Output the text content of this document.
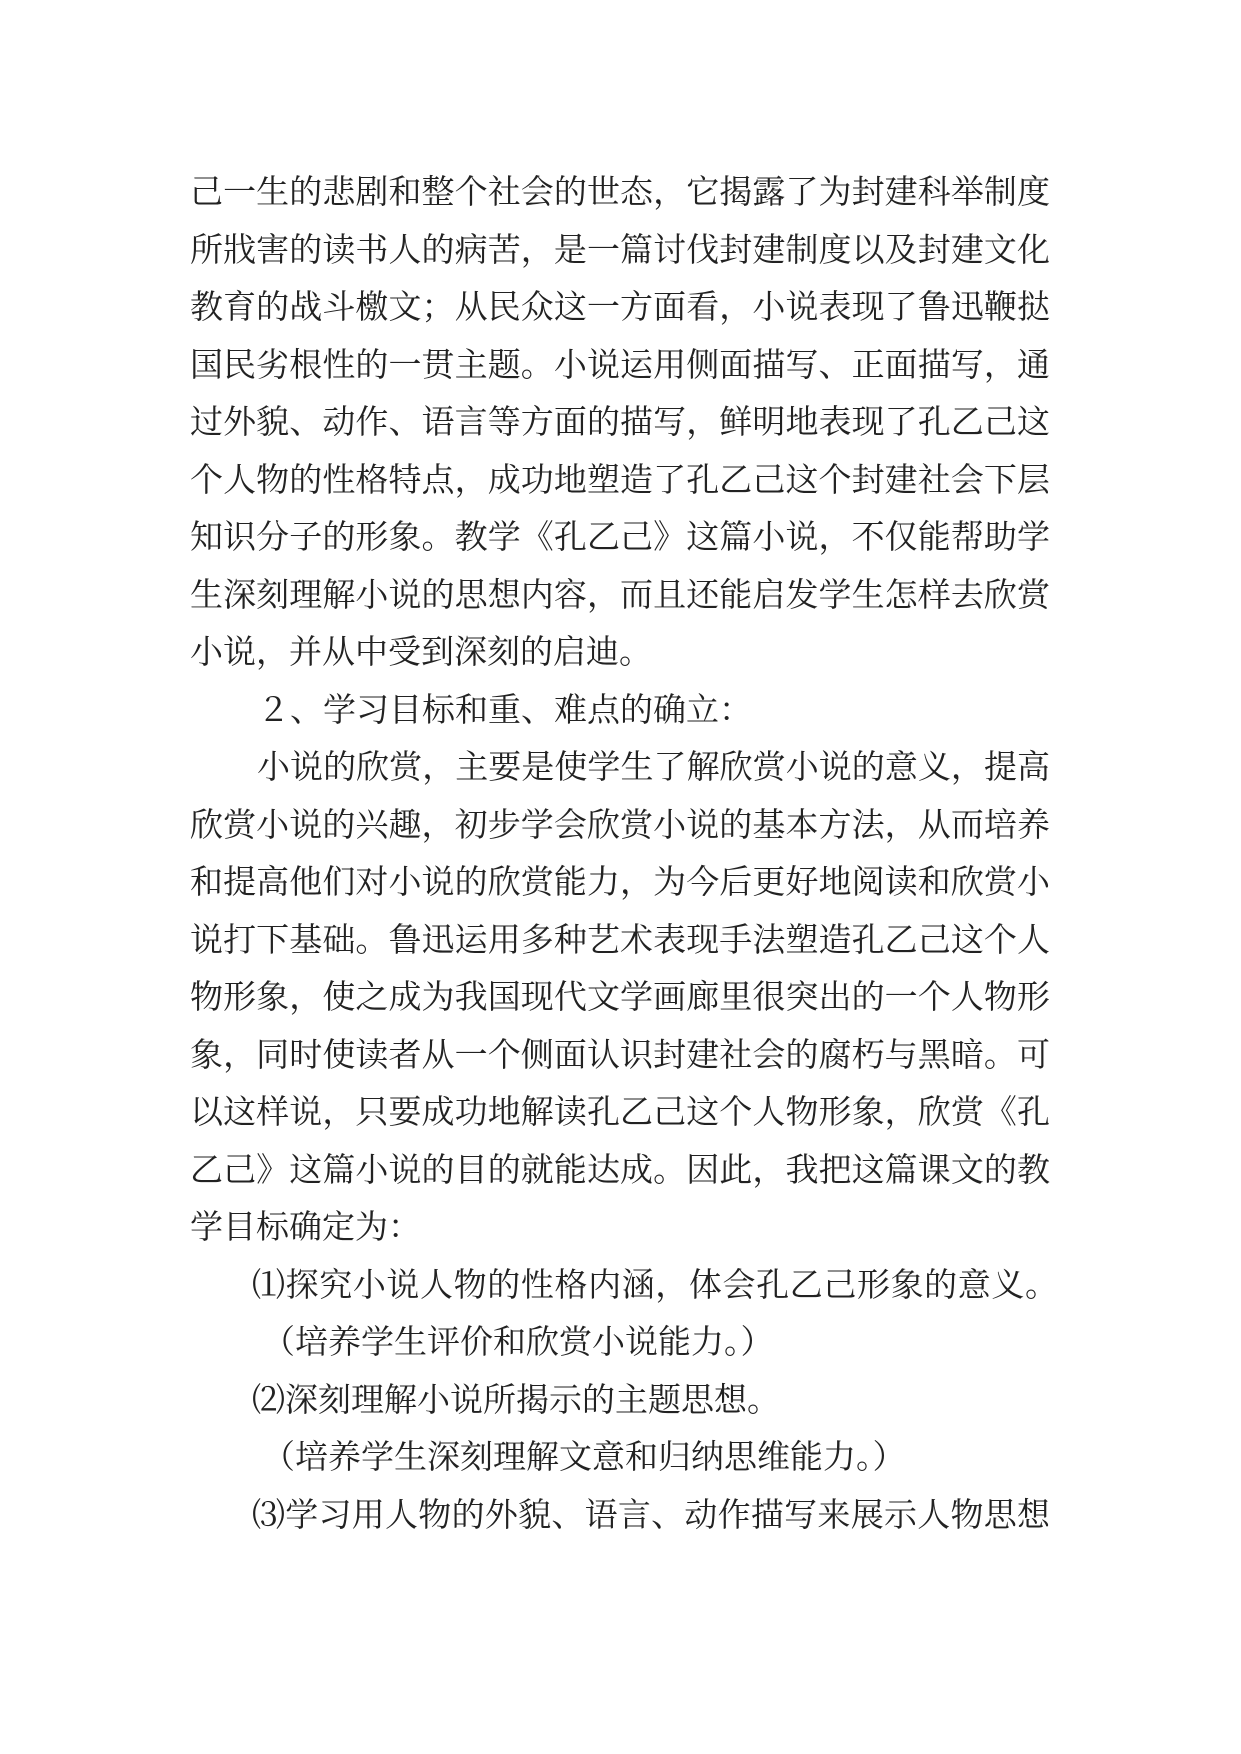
己一生的悲剧和整个社会的世态，它揭露了为封建科举制度
所戕害的读书人的病苦，是一篇讨伐封建制度以及封建文化
教育的战斗檄文；从民众这一方面看，小说表现了鲁迅鞭挞
国民劣根性的一贯主题。小说运用侧面描写、正面描写，通
过外貌、动作、语言等方面的描写，鲜明地表现了孔乙己这
个人物的性格特点，成功地塑造了孔乙己这个封建社会下层
知识分子的形象。教学《孔乙己》这篇小说，不仅能帮助学
生深刻理解小说的思想内容，而且还能启发学生怎样去欣赏
小说，并从中受到深刻的启迪。
２、学习目标和重、难点的确立：
小说的欣赏，主要是使学生了解欣赏小说的意义，提高
欣赏小说的兴趣，初步学会欣赏小说的基本方法，从而培养
和提高他们对小说的欣赏能力，为今后更好地阅读和欣赏小
说打下基础。鲁迅运用多种艺术表现手法塑造孔乙己这个人
物形象，使之成为我国现代文学画廊里很突出的一个人物形
象，同时使读者从一个侧面认识封建社会的腐朽与黑暗。可
以这样说，只要成功地解读孔乙己这个人物形象，欣赏《孔
乙己》这篇小说的目的就能达成。因此，我把这篇课文的教
学目标确定为：
⑴探究小说人物的性格内涵，体会孔乙己形象的意义。
（培养学生评价和欣赏小说能力。）
⑵深刻理解小说所揭示的主题思想。
（培养学生深刻理解文意和归纳思维能力。）
⑶学习用人物的外貌、语言、动作描写来展示人物思想
